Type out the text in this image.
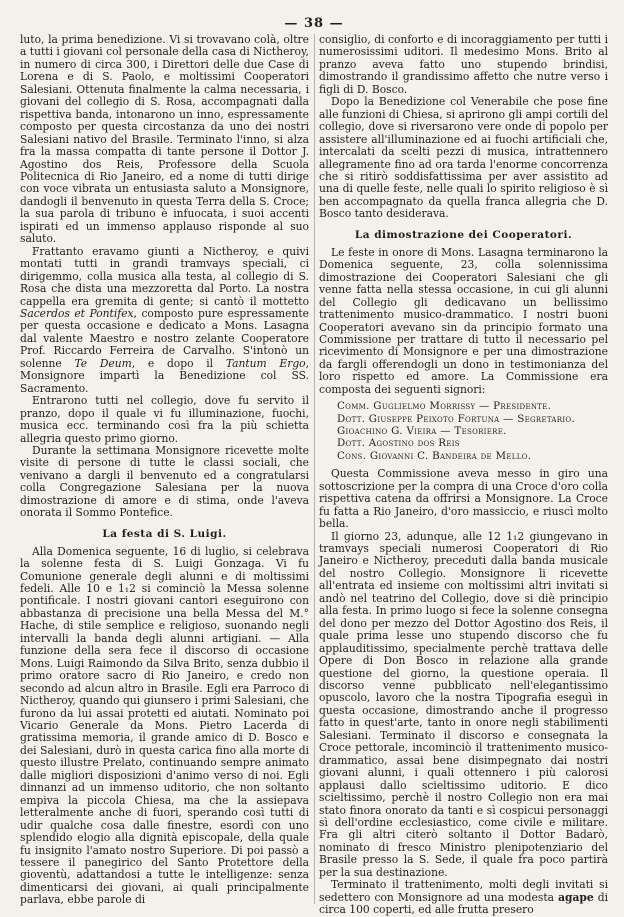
— 38 —

luto, la prima benedizione. Vi si trovavano colà, oltre a tutti i giovani col personale della casa di Nictheroy, in numero di circa 300, i Direttori delle due Case di Lorena e di S. Paolo, e moltissimi Cooperatori Salesiani. Ottenuta finalmente la calma necessaria, i giovani del collegio di S. Rosa, accompagnati dalla rispettiva banda, intonarono un inno, espressamente composto per questa circostanza da uno dei nostri Salesiani nativo del Brasile. Terminato l'inno, si alza fra la massa compatta di tante persone il Dottor J. Agostino dos Reis, Professore della Scuola Politecnica di Rio Janeiro, ed a nome di tutti dirige con voce vibrata un entusiasta saluto a Monsignore, dandogli il benvenuto in questa Terra della S. Croce; la sua parola di tribuno è infuocata, i suoi accenti ispirati ed un immenso applauso risponde al suo saluto.

Frattanto eravamo giunti a Nictheroy, e quivi montati tutti in grandi tramvays speciali, ci dirigemmo, colla musica alla testa, al collegio di S. Rosa che dista una mezzoretta dal Porto. La nostra cappella era gremita di gente; si cantò il mottetto Sacerdos et Pontifex, composto pure espressamente per questa occasione e dedicato a Mons. Lasagna dal valente Maestro e nostro zelante Cooperatore Prof. Riccardo Ferreira de Carvalho. S'intonò un solenne Te Deum, e dopo il Tantum Ergo, Monsignore impartì la Benedizione col SS. Sacramento.

Entrarono tutti nel collegio, dove fu servito il pranzo, dopo il quale vi fu illuminazione, fuochi, musica ecc. terminando così fra la più schietta allegria questo primo giorno.

Durante la settimana Monsignore ricevette molte visite di persone di tutte le classi sociali, che venivano a dargli il benvenuto ed a congratularsi colla Congregazione Salesiana per la nuova dimostrazione di amore e di stima, onde l'aveva onorata il Sommo Pontefice.

La festa di S. Luigi.

Alla Domenica seguente, 16 di luglio, si celebrava la solenne festa di S. Luigi Gonzaga. Vi fu Comunione generale degli alunni e di moltissimi fedeli. Alle 10 e 1₁2 si cominciò la Messa solenne pontificale. I nostri giovani cantori eseguirono con abbastanza di precisione una bella Messa del M.° Hache, di stile semplice e religioso, suonando negli intervalli la banda degli alunni artigiani. — Alla funzione della sera fece il discorso di occasione Mons. Luigi Raimondo da Silva Brito, senza dubbio il primo oratore sacro di Rio Janeiro, e credo non secondo ad alcun altro in Brasile. Egli era Parroco di Nictheroy, quando qui giunsero i primi Salesiani, che furono da lui assai protetti ed aiutati. Nominato poi Vicario Generale da Mons. Pietro Lacerda di gratissima memoria, il grande amico di D. Bosco e dei Salesiani, durò in questa carica fino alla morte di questo illustre Prelato, continuando sempre animato dalle migliori disposizioni d'animo verso di noi. Egli dinnanzi ad un immenso uditorio, che non soltanto empiva la piccola Chiesa, ma che la assiepava letteralmente anche di fuori, sperando così tutti di udir qualche cosa dalle finestre, esordì con uno splendido elogio alla dignità episcopale, della quale fu insignito l'amato nostro Superiore. Di poi passò a tessere il panegirico del Santo Protettore della gioventù, adattandosi a tutte le intelligenze: senza dimenticarsi dei giovani, ai quali principalmente parlava, ebbe parole di

consiglio, di conforto e di incoraggiamento per tutti i numerosissimi uditori. Il medesimo Mons. Brito al pranzo aveva fatto uno stupendo brindisi, dimostrando il grandissimo affetto che nutre verso i figli di D. Bosco.

Dopo la Benedizione col Venerabile che pose fine alle funzioni di Chiesa, si aprirono gli ampi cortili del collegio, dove si riversarono vere onde di popolo per assistere all'illuminazione ed ai fuochi artificiali che, intercalati da scelti pezzi di musica, intrattennero allegramente fino ad ora tarda l'enorme concorrenza che si ritirò soddisfattissima per aver assistito ad una di quelle feste, nelle quali lo spirito religioso è sì ben accompagnato da quella franca allegria che D. Bosco tanto desiderava.

La dimostrazione dei Cooperatori.

Le feste in onore di Mons. Lasagna terminarono la Domenica seguente, 23, colla solennissima dimostrazione dei Cooperatori Salesiani che gli venne fatta nella stessa occasione, in cui gli alunni del Collegio gli dedicavano un bellissimo trattenimento musico-drammatico. I nostri buoni Cooperatori avevano sin da principio formato una Commissione per trattare di tutto il necessario pel ricevimento di Monsignore e per una dimostrazione da fargli offerendogli un dono in testimonianza del loro rispetto ed amore. La Commissione era composta dei seguenti signori:

Comm. Guglielmo Morrissy — Presidente.
Dott. Giuseppe Peixoto Fortuna — Segretario.
Gioachino G. Vieira — Tesoriere.
Dott. Agostino dos Reis
Cons. Giovanni C. Bandeira de Mello.

Questa Commissione aveva messo in giro una sottoscrizione per la compra di una Croce d'oro colla rispettiva catena da offrirsi a Monsignore. La Croce fu fatta a Rio Janeiro, d'oro massiccio, e riuscì molto bella.

Il giorno 23, adunque, alle 12 1₁2 giungevano in tramvays speciali numerosi Cooperatori di Rio Janeiro e Nictheroy, preceduti dalla banda musicale del nostro Collegio. Monsignore li ricevette all'entrata ed insieme con moltissimi altri invitati si andò nel teatrino del Collegio, dove si diè principio alla festa. In primo luogo si fece la solenne consegna del dono per mezzo del Dottor Agostino dos Reis, il quale prima lesse uno stupendo discorso che fu applauditissimo, specialmente perchè trattava delle Opere di Don Bosco in relazione alla grande questione del giorno, la questione operaia. Il discorso venne pubblicato nell'elegantissimo opuscolo, lavoro che la nostra Tipografia eseguì in questa occasione, dimostrando anche il progresso fatto in quest'arte, tanto in onore negli stabilimenti Salesiani. Terminato il discorso e consegnata la Croce pettorale, incominciò il trattenimento musico-drammatico, assai bene disimpegnato dai nostri giovani alunni, i quali ottennero i più calorosi applausi dallo scieltissimo uditorio. E dico scieltissimo, perchè il nostro Collegio non era mai stato finora onorato da tanti e sì cospicui personaggi sì dell'ordine ecclesiastico, come civile e militare. Fra gli altri citerò soltanto il Dottor Badarò, nominato di fresco Ministro plenipotenziario del Brasile presso la S. Sede, il quale fra poco partirà per la sua destinazione.

Terminato il trattenimento, molti degli invitati si sedettero con Monsignore ad una modesta agape di circa 100 coperti, ed alle frutta presero
